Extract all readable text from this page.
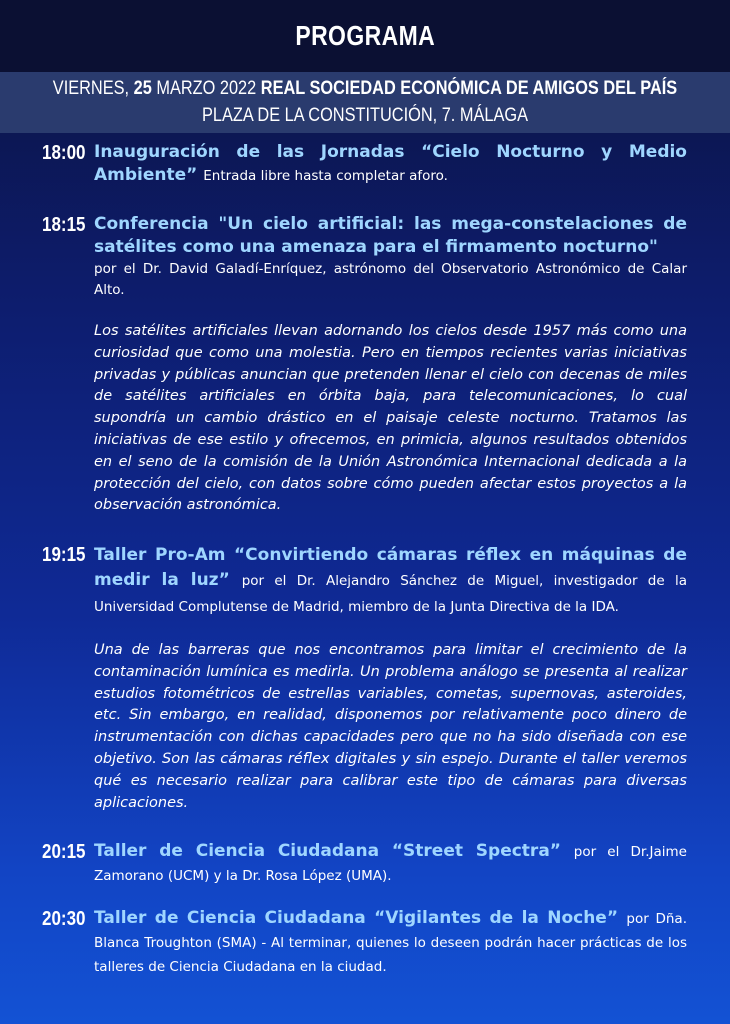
PROGRAMA
VIERNES, 25 MARZO 2022 REAL SOCIEDAD ECONÓMICA DE AMIGOS DEL PAÍS
PLAZA DE LA CONSTITUCIÓN, 7. MÁLAGA
18:00 Inauguración de las Jornadas “Cielo Nocturno y Medio Ambiente” Entrada libre hasta completar aforo.

18:15 Conferencia "Un cielo artificial: las mega-constelaciones de satélites como una amenaza para el firmamento nocturno"

por el Dr. David Galadí-Enríquez, astrónomo del Observatorio Astronómico de Calar Alto.

Los satélites artificiales llevan adornando los cielos desde 1957 más como una curiosidad que como una molestia. Pero en tiempos recientes varias iniciativas privadas y públicas anuncian que pretenden llenar el cielo con decenas de miles de satélites artificiales en órbita baja, para telecomunicaciones, lo cual supondría un cambio drástico en el paisaje celeste nocturno. Tratamos las iniciativas de ese estilo y ofrecemos, en primicia, algunos resultados obtenidos en el seno de la comisión de la Unión Astronómica Internacional dedicada a la protección del cielo, con datos sobre cómo pueden afectar estos proyectos a la observación astronómica.

19:15 Taller Pro-Am “Convirtiendo cámaras réflex en máquinas de medir la luz” por el Dr. Alejandro Sánchez de Miguel, investigador de la Universidad Complutense de Madrid, miembro de la Junta Directiva de la IDA.

Una de las barreras que nos encontramos para limitar el crecimiento de la contaminación lumínica es medirla. Un problema análogo se presenta al realizar estudios fotométricos de estrellas variables, cometas, supernovas, asteroides, etc. Sin embargo, en realidad, disponemos por relativamente poco dinero de instrumentación con dichas capacidades pero que no ha sido diseñada con ese objetivo. Son las cámaras réflex digitales y sin espejo. Durante el taller veremos qué es necesario realizar para calibrar este tipo de cámaras para diversas aplicaciones.

20:15 Taller de Ciencia Ciudadana “Street Spectra” por el Dr.Jaime Zamorano (UCM) y la Dr. Rosa López (UMA).

20:30 Taller de Ciencia Ciudadana “Vigilantes de la Noche” por Dña. Blanca Troughton (SMA) - Al terminar, quienes lo deseen podrán hacer prácticas de los talleres de Ciencia Ciudadana en la ciudad.
